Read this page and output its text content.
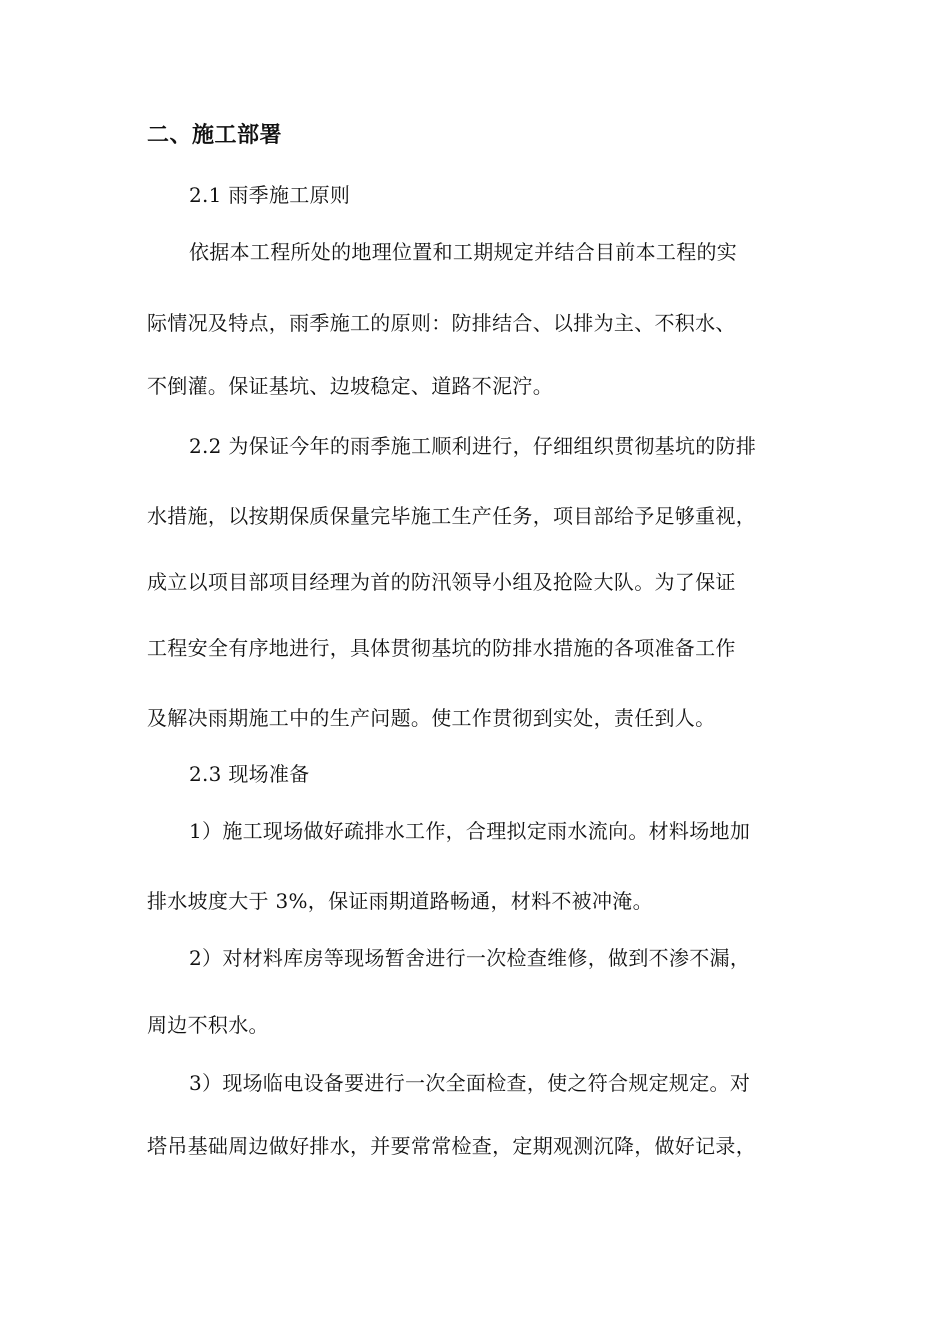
二、施工部署
2.1 雨季施工原则
依据本工程所处的地理位置和工期规定并结合目前本工程的实
际情况及特点，雨季施工的原则：防排结合、以排为主、不积水、
不倒灌。保证基坑、边坡稳定、道路不泥泞。
2.2 为保证今年的雨季施工顺利进行，仔细组织贯彻基坑的防排
水措施，以按期保质保量完毕施工生产任务，项目部给予足够重视，
成立以项目部项目经理为首的防汛领导小组及抢险大队。为了保证
工程安全有序地进行，具体贯彻基坑的防排水措施的各项准备工作
及解决雨期施工中的生产问题。使工作贯彻到实处，责任到人。
2.3 现场准备
1）施工现场做好疏排水工作，合理拟定雨水流向。材料场地加
排水坡度大于 3%，保证雨期道路畅通，材料不被冲淹。
2）对材料库房等现场暂舍进行一次检查维修，做到不渗不漏，
周边不积水。
3）现场临电设备要进行一次全面检查，使之符合规定规定。对
塔吊基础周边做好排水，并要常常检查，定期观测沉降，做好记录，
